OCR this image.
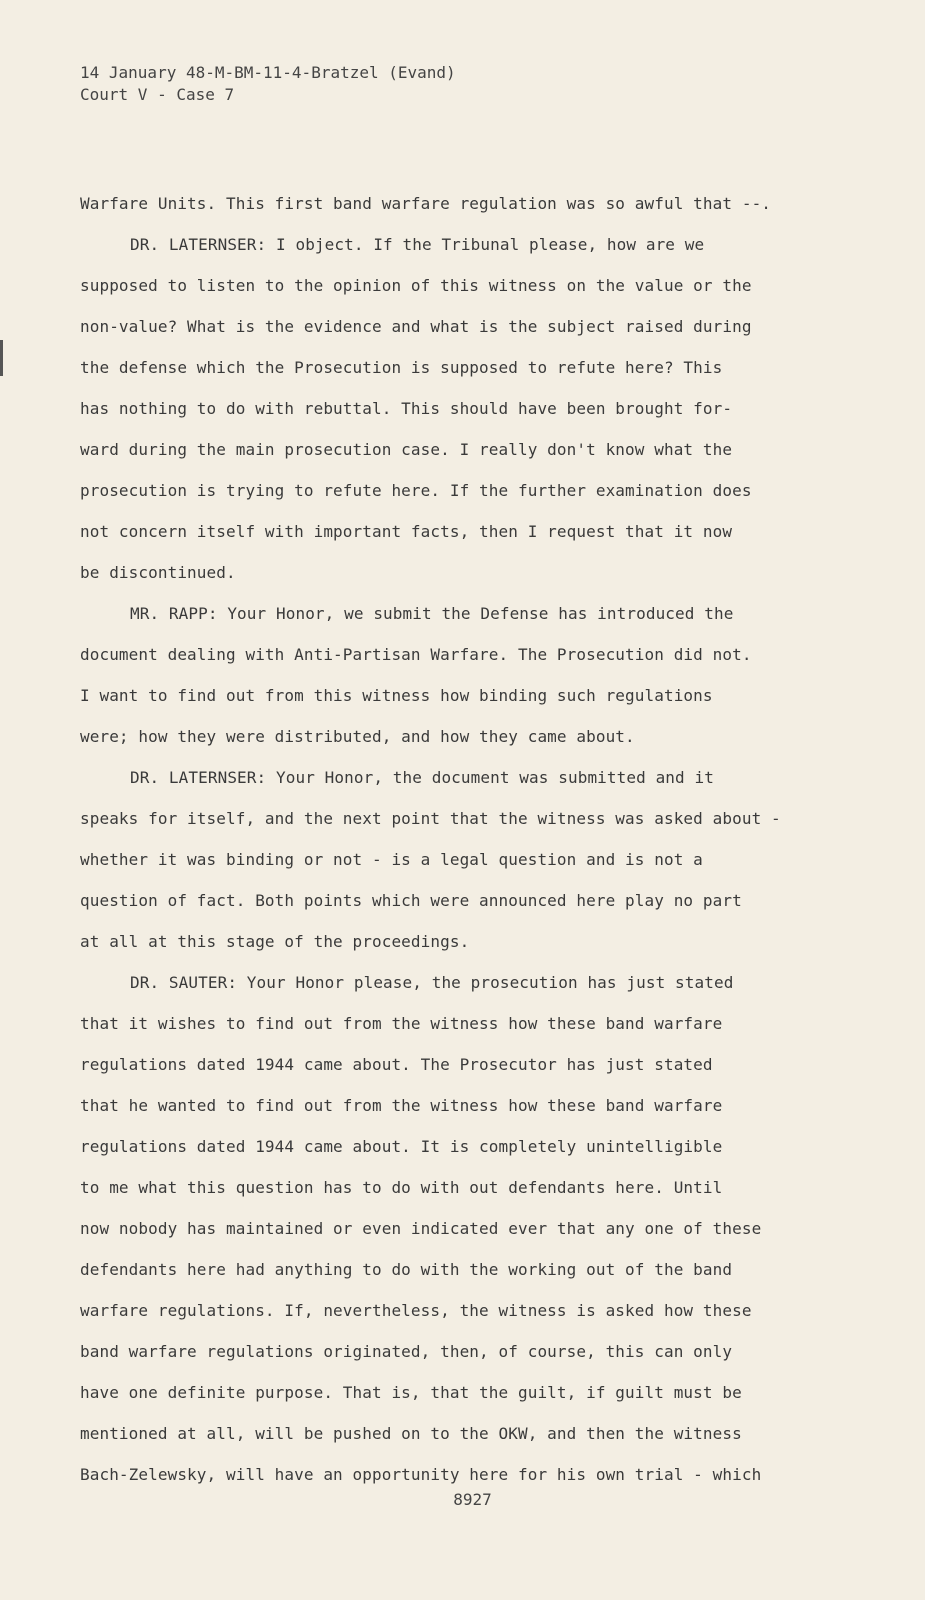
14 January 48-M-BM-11-4-Bratzel (Evand)
Court V - Case 7
Warfare Units. This first band warfare regulation was so awful that --.
DR. LATERNSER: I object. If the Tribunal please, how are we
supposed to listen to the opinion of this witness on the value or the
non-value? What is the evidence and what is the subject raised during
the defense which the Prosecution is supposed to refute here? This
has nothing to do with rebuttal. This should have been brought for-
ward during the main prosecution case. I really don't know what the
prosecution is trying to refute here. If the further examination does
not concern itself with important facts, then I request that it now
be discontinued.
MR. RAPP: Your Honor, we submit the Defense has introduced the
document dealing with Anti-Partisan Warfare. The Prosecution did not.
I want to find out from this witness how binding such regulations
were; how they were distributed, and how they came about.
DR. LATERNSER: Your Honor, the document was submitted and it
speaks for itself, and the next point that the witness was asked about -
whether it was binding or not - is a legal question and is not a
question of fact. Both points which were announced here play no part
at all at this stage of the proceedings.
DR. SAUTER: Your Honor please, the prosecution has just stated
that it wishes to find out from the witness how these band warfare
regulations dated 1944 came about. The Prosecutor has just stated
that he wanted to find out from the witness how these band warfare
regulations dated 1944 came about. It is completely unintelligible
to me what this question has to do with out defendants here. Until
now nobody has maintained or even indicated ever that any one of these
defendants here had anything to do with the working out of the band
warfare regulations. If, nevertheless, the witness is asked how these
band warfare regulations originated, then, of course, this can only
have one definite purpose. That is, that the guilt, if guilt must be
mentioned at all, will be pushed on to the OKW, and then the witness
Bach-Zelewsky, will have an opportunity here for his own trial - which
8927
